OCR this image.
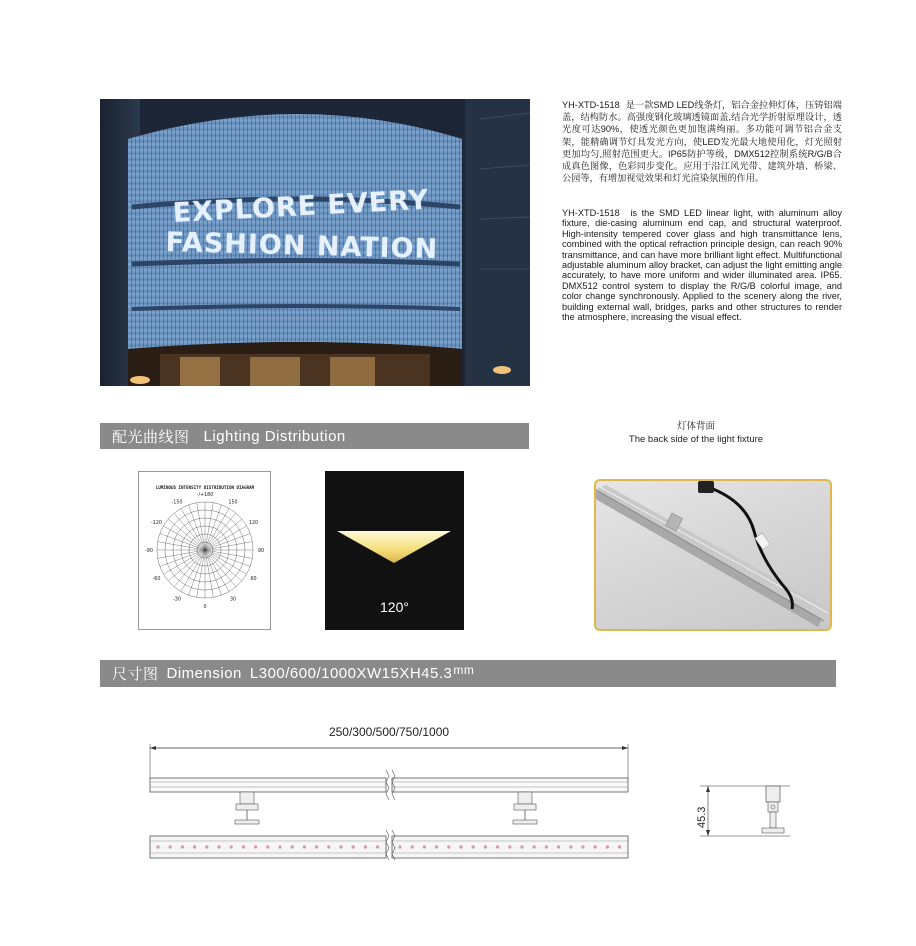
EXPLORE EVERY
FASHION NATION
YH-XTD-1518 是一款SMD LED线条灯，铝合金拉伸灯体，压铸铝端盖，结构防水。高强度钢化玻璃透镜面盖,结合光学折射原理设计，透光度可达90%，使透光颜色更加饱满绚丽。多功能可调节铝合金支架，能精确调节灯具发光方向，使LED发光最大地使用化，灯光照射更加均匀,照射范围更大。IP65防护等级，DMX512控制系统R/G/B合成真色图像，色彩同步变化。应用于沿江风光带、建筑外墙、桥梁、公园等，有增加视觉效果和灯光渲染氛围的作用。
YH-XTD-1518 is the SMD LED linear light, with aluminum alloy fixture, die-casing aluminum end cap, and structural waterproof. High-intensity tempered cover glass and high transmittance lens, combined with the optical refraction principle design, can reach 90% transmittance, and can have more brilliant light effect. Multifunctional adjustable aluminum alloy bracket, can adjust the light emitting angle accurately, to have more uniform and wider illuminated area. IP65. DMX512 control system to display the R/G/B colorful image, and color change synchronously. Applied to the scenery along the river, building external wall, bridges, parks and other structures to render the atmosphere, increasing the visual effect.
配光曲线图 Lighting Distribution
灯体背面
The back side of the light fixture
LUMINOUS INTENSITY DISTRIBUTION DIAGRAM
-/+180
-150	150
-120	120
-90	90
-60	60
-30	30
0	120°
尺寸图 Dimension L300/600/1000XW15XH45.3 mm
250/300/500/750/1000
45.3
